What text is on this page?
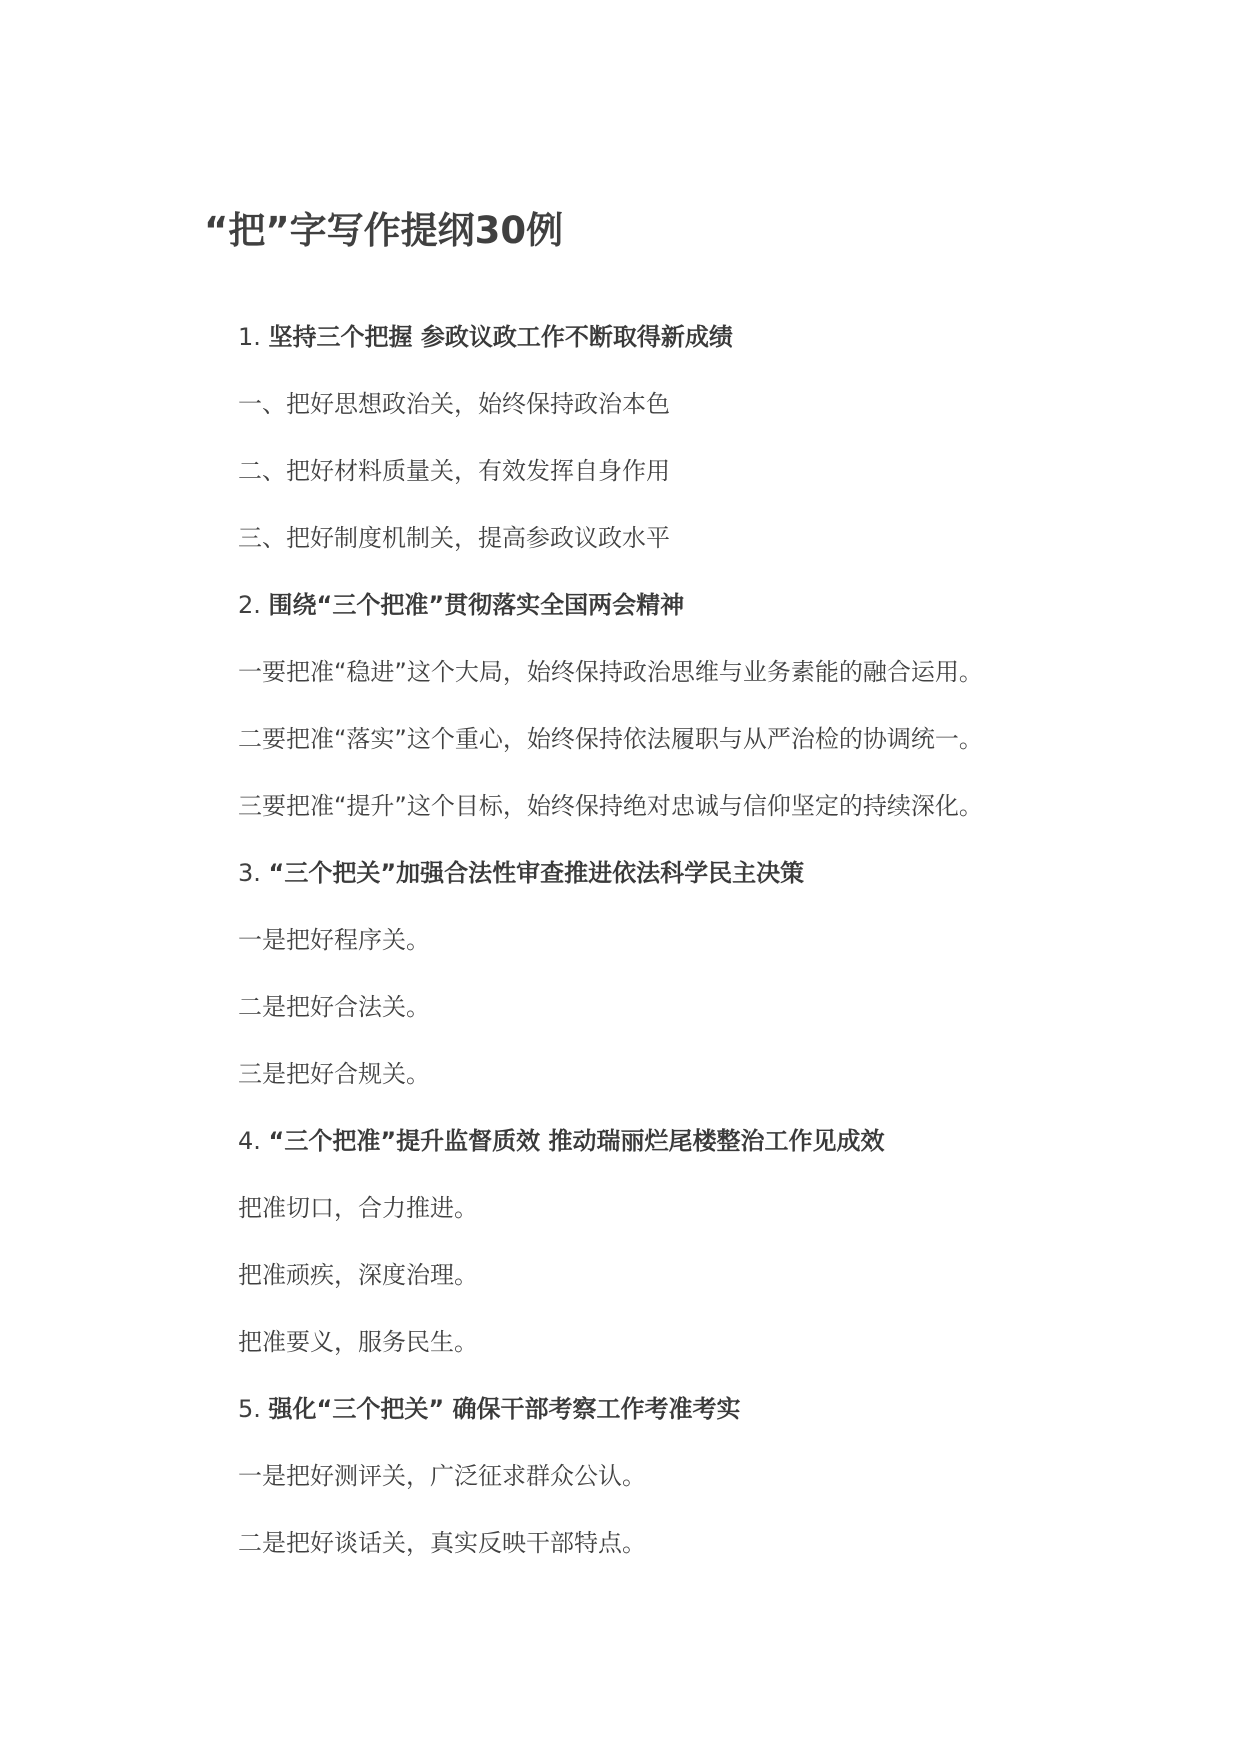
“把”字写作提纲30例
1. 坚持三个把握 参政议政工作不断取得新成绩
一、把好思想政治关，始终保持政治本色
二、把好材料质量关，有效发挥自身作用
三、把好制度机制关，提高参政议政水平
2. 围绕“三个把准”贯彻落实全国两会精神
一要把准“稳进”这个大局，始终保持政治思维与业务素能的融合运用。
二要把准“落实”这个重心，始终保持依法履职与从严治检的协调统一。
三要把准“提升”这个目标，始终保持绝对忠诚与信仰坚定的持续深化。
3. “三个把关”加强合法性审查推进依法科学民主决策
一是把好程序关。
二是把好合法关。
三是把好合规关。
4. “三个把准”提升监督质效 推动瑞丽烂尾楼整治工作见成效
把准切口，合力推进。
把准顽疾，深度治理。
把准要义，服务民生。
5. 强化“三个把关” 确保干部考察工作考准考实
一是把好测评关，广泛征求群众公认。
二是把好谈话关，真实反映干部特点。
